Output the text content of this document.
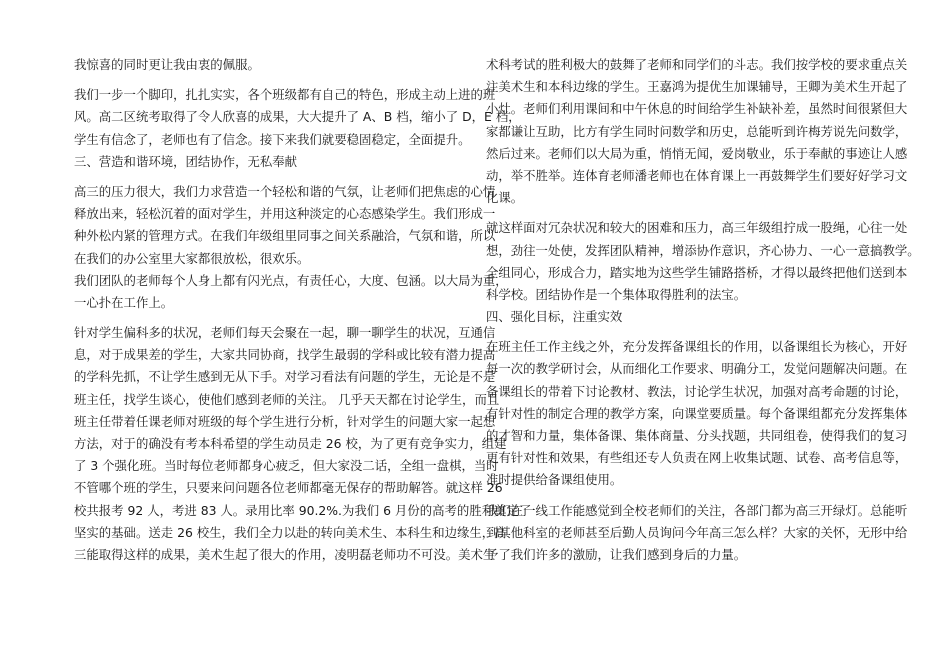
我惊喜的同时更让我由衷的佩服。
我们一步一个脚印，扎扎实实，各个班级都有自己的特色，形成主动上进的班
风。高二区统考取得了令人欣喜的成果，大大提升了 A、B 档，缩小了 D，E 档，
学生有信念了，老师也有了信念。接下来我们就要稳固稳定，全面提升。
三、营造和谐环境，团结协作，无私奉献
高三的压力很大，我们力求营造一个轻松和谐的气氛，让老师们把焦虑的心情
释放出来，轻松沉着的面对学生，并用这种淡定的心态感染学生。我们形成一
种外松内紧的管理方式。在我们年级组里同事之间关系融洽，气氛和谐，所以
在我们的办公室里大家都很放松，很欢乐。
我们团队的老师每个人身上都有闪光点，有责任心，大度、包涵。以大局为重，
一心扑在工作上。
针对学生偏科多的状况，老师们每天会聚在一起，聊一聊学生的状况，互通信
息，对于成果差的学生，大家共同协商，找学生最弱的学科或比较有潜力提高
的学科先抓，不让学生感到无从下手。对学习看法有问题的学生，无论是不是
班主任，找学生谈心，使他们感到老师的关注。 几乎天天都在讨论学生，而且
班主任带着任课老师对班级的每个学生进行分析，针对学生的问题大家一起想
方法，对于的确没有考本科希望的学生动员走 26 校，为了更有竞争实力，组建
了 3 个强化班。当时每位老师都身心疲乏，但大家没二话，全组一盘棋，当时
不管哪个班的学生，只要来问问题各位老师都毫无保存的帮助解答。就这样 26
校共报考 92 人，考进 83 人。录用比率 90.2%.为我们 6 月份的高考的胜利奠定了
坚实的基础。送走 26 校生，我们全力以赴的转向美术生、本科生和边缘生，高
三能取得这样的成果，美术生起了很大的作用，凌明磊老师功不可没。美术生
术科考试的胜利极大的鼓舞了老师和同学们的斗志。我们按学校的要求重点关
注美术生和本科边缘的学生。王嘉鸿为提优生加课辅导，王卿为美术生开起了
小灶。老师们利用课间和中午休息的时间给学生补缺补差，虽然时间很紧但大
家都谦让互助，比方有学生同时问数学和历史，总能听到许梅芳说先问数学，
然后过来。老师们以大局为重，悄悄无闻，爱岗敬业，乐于奉献的事迹让人感
动，举不胜举。连体育老师潘老师也在体育课上一再鼓舞学生们要好好学习文
化课。
就这样面对冗杂状况和较大的困难和压力，高三年级组拧成一股绳，心往一处
想，劲往一处使，发挥团队精神，增添协作意识，齐心协力、一心一意搞教学。
全组同心，形成合力，踏实地为这些学生铺路搭桥，才得以最终把他们送到本
科学校。团结协作是一个集体取得胜利的法宝。
四、强化目标，注重实效
在班主任工作主线之外，充分发挥备课组长的作用，以备课组长为核心，开好
每一次的教学研讨会，从而细化工作要求、明确分工，发觉问题解决问题。在
备课组长的带着下讨论教材、教法，讨论学生状况，加强对高考命题的讨论，
有针对性的制定合理的教学方案，向课堂要质量。每个备课组都充分发挥集体
的才智和力量，集体备课、集体商量、分头找题，共同组卷，使得我们的复习
更有针对性和效果，有些组还专人负责在网上收集试题、试卷、高考信息等，
准时提供给备课组使用。
我们在一线工作能感觉到全校老师们的关注，各部门都为高三开绿灯。总能听
到其他科室的老师甚至后勤人员询问今年高三怎么样？大家的关怀，无形中给
予了我们许多的激励，让我们感到身后的力量。
